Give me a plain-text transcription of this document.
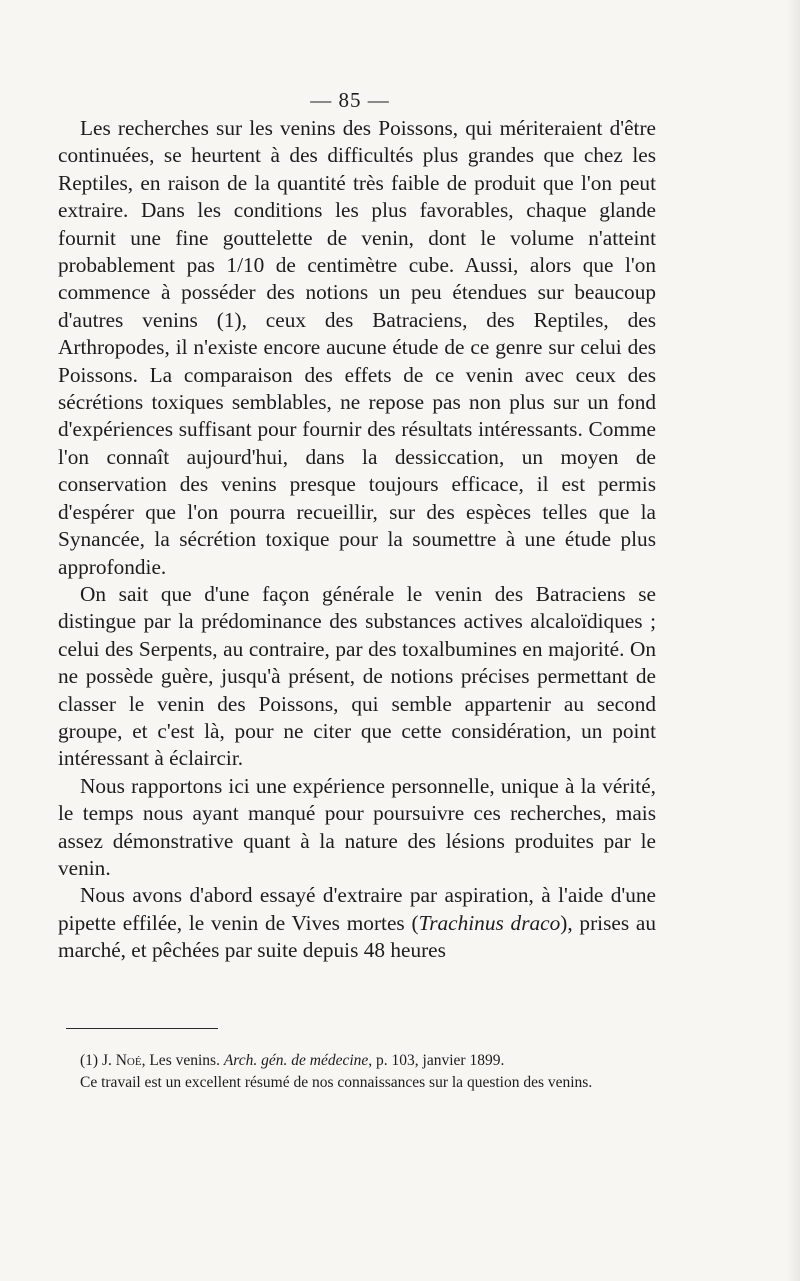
— 85 —

Les recherches sur les venins des Poissons, qui mériteraient d'être continuées, se heurtent à des difficultés plus grandes que chez les Reptiles, en raison de la quantité très faible de produit que l'on peut extraire. Dans les conditions les plus favorables, chaque glande fournit une fine gouttelette de venin, dont le volume n'atteint probablement pas 1/10 de centimètre cube. Aussi, alors que l'on commence à posséder des notions un peu étendues sur beaucoup d'autres venins (1), ceux des Batraciens, des Reptiles, des Arthropodes, il n'existe encore aucune étude de ce genre sur celui des Poissons. La comparaison des effets de ce venin avec ceux des sécrétions toxiques semblables, ne repose pas non plus sur un fond d'expériences suffisant pour fournir des résultats intéressants. Comme l'on connaît aujourd'hui, dans la dessiccation, un moyen de conservation des venins presque toujours efficace, il est permis d'espérer que l'on pourra recueillir, sur des espèces telles que la Synancée, la sécrétion toxique pour la soumettre à une étude plus approfondie.

On sait que d'une façon générale le venin des Batraciens se distingue par la prédominance des substances actives alcaloïdiques ; celui des Serpents, au contraire, par des toxalbumines en majorité. On ne possède guère, jusqu'à présent, de notions précises permettant de classer le venin des Poissons, qui semble appartenir au second groupe, et c'est là, pour ne citer que cette considération, un point intéressant à éclaircir.

Nous rapportons ici une expérience personnelle, unique à la vérité, le temps nous ayant manqué pour poursuivre ces recherches, mais assez démonstrative quant à la nature des lésions produites par le venin.

Nous avons d'abord essayé d'extraire par aspiration, à l'aide d'une pipette effilée, le venin de Vives mortes (Trachinus draco), prises au marché, et pêchées par suite depuis 48 heures

(1) J. Noé, Les venins. Arch. gén. de médecine, p. 103, janvier 1899.

Ce travail est un excellent résumé de nos connaissances sur la question des venins.
